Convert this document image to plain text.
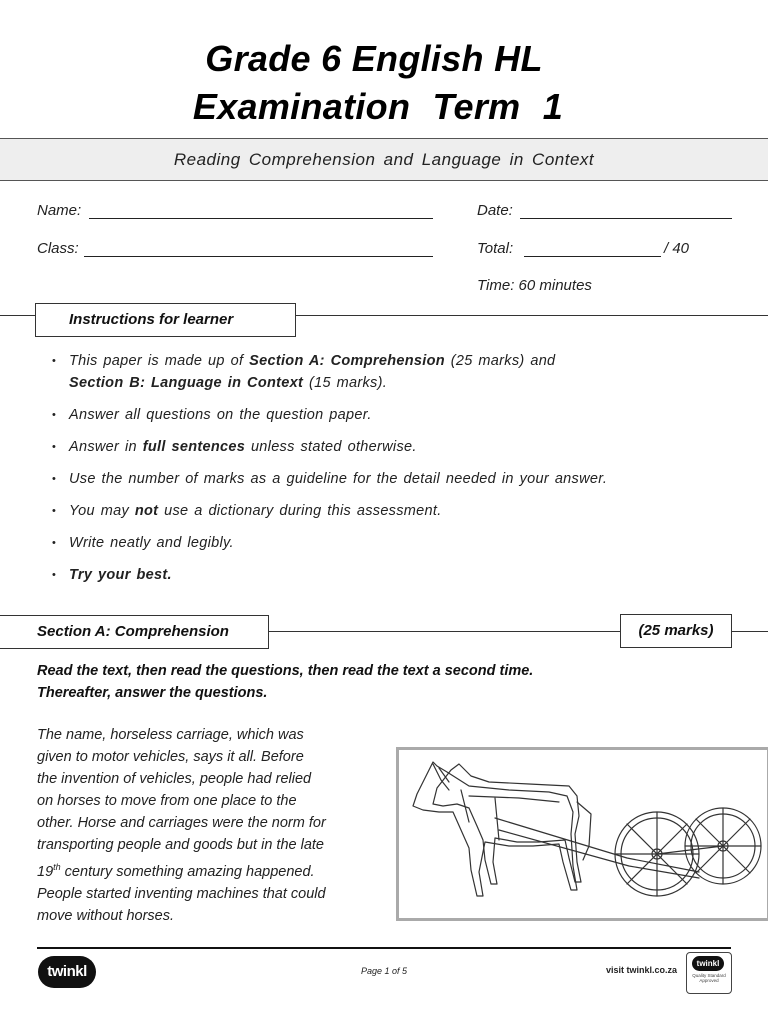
Grade 6 English HL
Examination Term 1
Reading Comprehension and Language in Context
Name:	Date:
Class:	Total:	/ 40
Time: 60 minutes
Instructions for learner
• This paper is made up of Section A: Comprehension (25 marks) and
Section B: Language in Context (15 marks).
• Answer all questions on the question paper.
• Answer in full sentences unless stated otherwise.
• Use the number of marks as a guideline for the detail needed in your answer.
• You may not use a dictionary during this assessment.
• Write neatly and legibly.
• Try your best.
Section A: Comprehension	(25 marks)
Read the text, then read the questions, then read the text a second time.
Thereafter, answer the questions.

The name, horseless carriage, which was

given to motor vehicles, says it all. Before

the invention of vehicles, people had relied

on horses to move from one place to the

other. Horse and carriages were the norm for

transporting people and goods but in the late

19th century something amazing happened.

People started inventing machines that could

move without horses.

twinkl	Page 1 of 5	visit twinkl.co.za
twinkl
Quality Standard Approved
